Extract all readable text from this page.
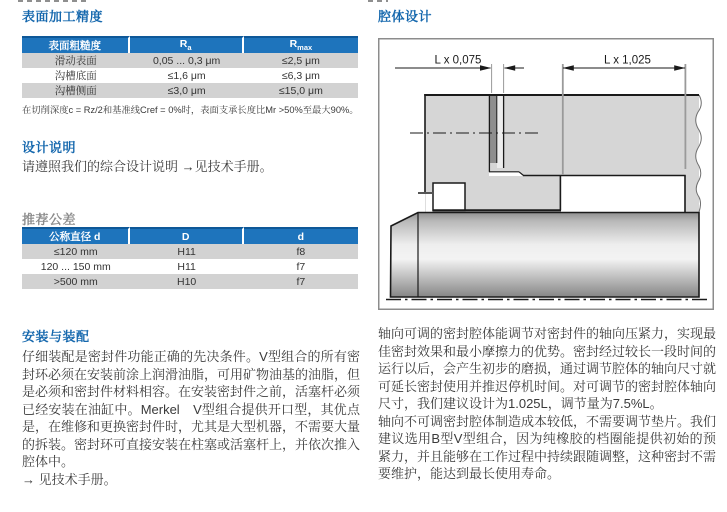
表面加工精度
表面粗糙度	$R_a$	$R_{max}$
滑动表面	0,05 ... 0,3 μm	≤2,5 μm
沟槽底面	≤1,6 μm	≤6,3 μm
沟槽侧面	≤3,0 μm	≤15,0 μm
在切削深度c = Rz/2和基准线Cref = 0%时，表面支承长度比Mr >50%至最大90%。
设计说明
请遵照我们的综合设计说明 →见技术手册。
推荐公差
公称直径 d	D	d
≤120 mm	H11	f8
120 ... 150 mm	H11	f7
>500 mm	H10	f7
安装与装配

仔细装配是密封件功能正确的先决条件。V型组合的所有密封环必须在安装前涂上润滑油脂，可用矿物油基的油脂，但是必须和密封件材料相容。在安装密封件之前，活塞杆必须已经安装在油缸中。Merkel　V型组合提供开口型，其优点是，在维修和更换密封件时，尤其是大型机器，不需要大量的拆装。密封环可直接安装在柱塞或活塞杆上，并依次推入腔体中。

→ 见技术手册。

腔体设计
L x 0,075	L x 1,025

轴向可调的密封腔体能调节对密封件的轴向压紧力，实现最佳密封效果和最小摩擦力的优势。密封经过较长一段时间的运行以后，会产生初步的磨损，通过调节腔体的轴向尺寸就可延长密封使用并推迟停机时间。对可调节的密封腔体轴向尺寸，我们建议设计为1.025L，调节量为7.5%L。

轴向不可调密封腔体制造成本较低，不需要调节垫片。我们建议选用B型V型组合，因为纯橡胶的档圈能提供初始的预紧力，并且能够在工作过程中持续跟随调整，这种密封不需要维护，能达到最长使用寿命。
